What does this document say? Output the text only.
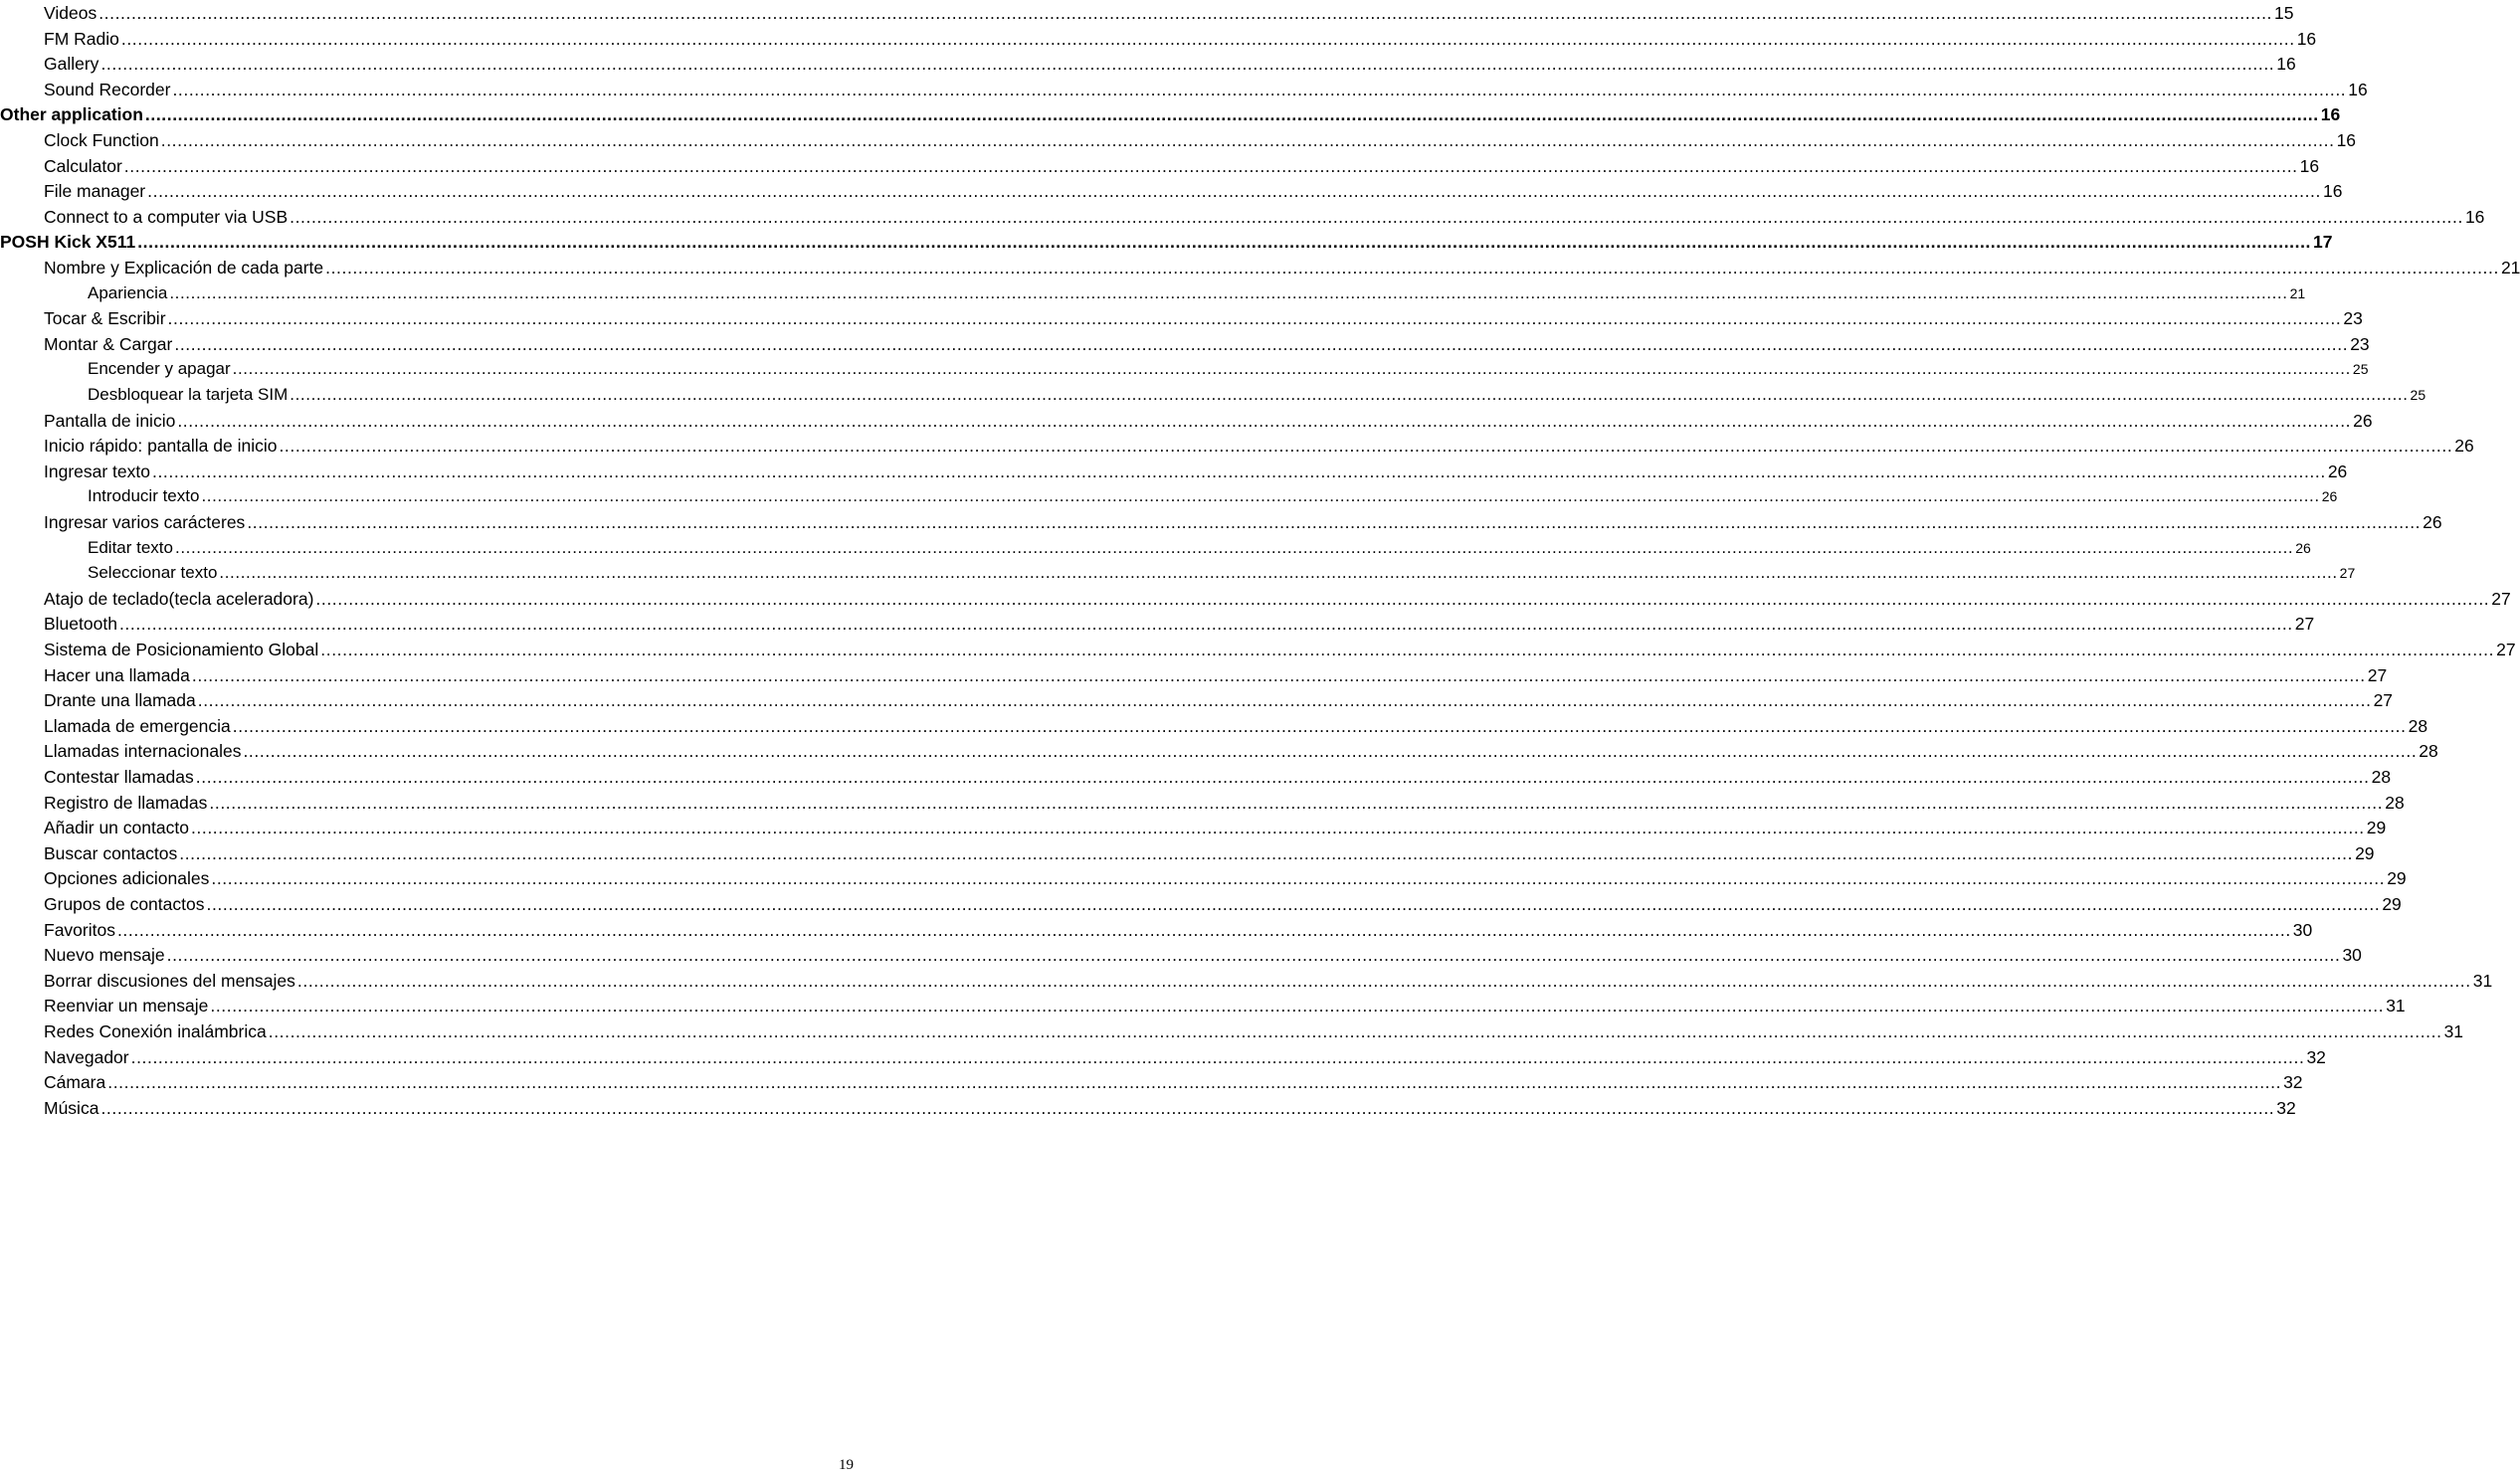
Videos ................................................................................................................................................................................................................................................................................................................................................................................................................ 15
FM Radio ................................................................................................................................................................................................................................................................................................................................................................................................................ 16
Gallery ................................................................................................................................................................................................................................................................................................................................................................................................................ 16
Sound Recorder ................................................................................................................................................................................................................................................................................................................................................................................................................ 16
Other application ................................................................................................................................................................................................................................................................................................................................................................................................................ 16
Clock Function ................................................................................................................................................................................................................................................................................................................................................................................................................ 16
Calculator ................................................................................................................................................................................................................................................................................................................................................................................................................ 16
File manager ................................................................................................................................................................................................................................................................................................................................................................................................................ 16
Connect to a computer via USB ................................................................................................................................................................................................................................................................................................................................................................................................................ 16
POSH Kick X511 ................................................................................................................................................................................................................................................................................................................................................................................................................ 17
Nombre y Explicación de cada parte ................................................................................................................................................................................................................................................................................................................................................................................................................ 21
Apariencia ................................................................................................................................................................................................................................................................................................................................................................................................................ 21
Tocar & Escribir ................................................................................................................................................................................................................................................................................................................................................................................................................ 23
Montar & Cargar ................................................................................................................................................................................................................................................................................................................................................................................................................ 23
Encender y apagar ................................................................................................................................................................................................................................................................................................................................................................................................................ 25
Desbloquear la tarjeta SIM ................................................................................................................................................................................................................................................................................................................................................................................................................ 25
Pantalla de inicio ................................................................................................................................................................................................................................................................................................................................................................................................................ 26
Inicio rápido: pantalla de inicio ................................................................................................................................................................................................................................................................................................................................................................................................................ 26
Ingresar texto ................................................................................................................................................................................................................................................................................................................................................................................................................ 26
Introducir texto ................................................................................................................................................................................................................................................................................................................................................................................................................ 26
Ingresar varios carácteres ................................................................................................................................................................................................................................................................................................................................................................................................................ 26
Editar texto ................................................................................................................................................................................................................................................................................................................................................................................................................ 26
Seleccionar texto ................................................................................................................................................................................................................................................................................................................................................................................................................ 27
Atajo de teclado(tecla aceleradora) ................................................................................................................................................................................................................................................................................................................................................................................................................ 27
Bluetooth ................................................................................................................................................................................................................................................................................................................................................................................................................ 27
Sistema de Posicionamiento Global ................................................................................................................................................................................................................................................................................................................................................................................................................ 27
Hacer una llamada ................................................................................................................................................................................................................................................................................................................................................................................................................ 27
Drante una llamada ................................................................................................................................................................................................................................................................................................................................................................................................................ 27
Llamada de emergencia ................................................................................................................................................................................................................................................................................................................................................................................................................ 28
Llamadas internacionales ................................................................................................................................................................................................................................................................................................................................................................................................................ 28
Contestar llamadas ................................................................................................................................................................................................................................................................................................................................................................................................................ 28
Registro de llamadas ................................................................................................................................................................................................................................................................................................................................................................................................................ 28
Añadir un contacto ................................................................................................................................................................................................................................................................................................................................................................................................................ 29
Buscar contactos ................................................................................................................................................................................................................................................................................................................................................................................................................ 29
Opciones adicionales ................................................................................................................................................................................................................................................................................................................................................................................................................ 29
Grupos de contactos ................................................................................................................................................................................................................................................................................................................................................................................................................ 29
Favoritos ................................................................................................................................................................................................................................................................................................................................................................................................................ 30
Nuevo mensaje ................................................................................................................................................................................................................................................................................................................................................................................................................ 30
Borrar discusiones del mensajes ................................................................................................................................................................................................................................................................................................................................................................................................................ 31
Reenviar un mensaje ................................................................................................................................................................................................................................................................................................................................................................................................................ 31
Redes Conexión inalámbrica ................................................................................................................................................................................................................................................................................................................................................................................................................ 31
Navegador ................................................................................................................................................................................................................................................................................................................................................................................................................ 32
Cámara ................................................................................................................................................................................................................................................................................................................................................................................................................ 32
Música ................................................................................................................................................................................................................................................................................................................................................................................................................ 32
19
